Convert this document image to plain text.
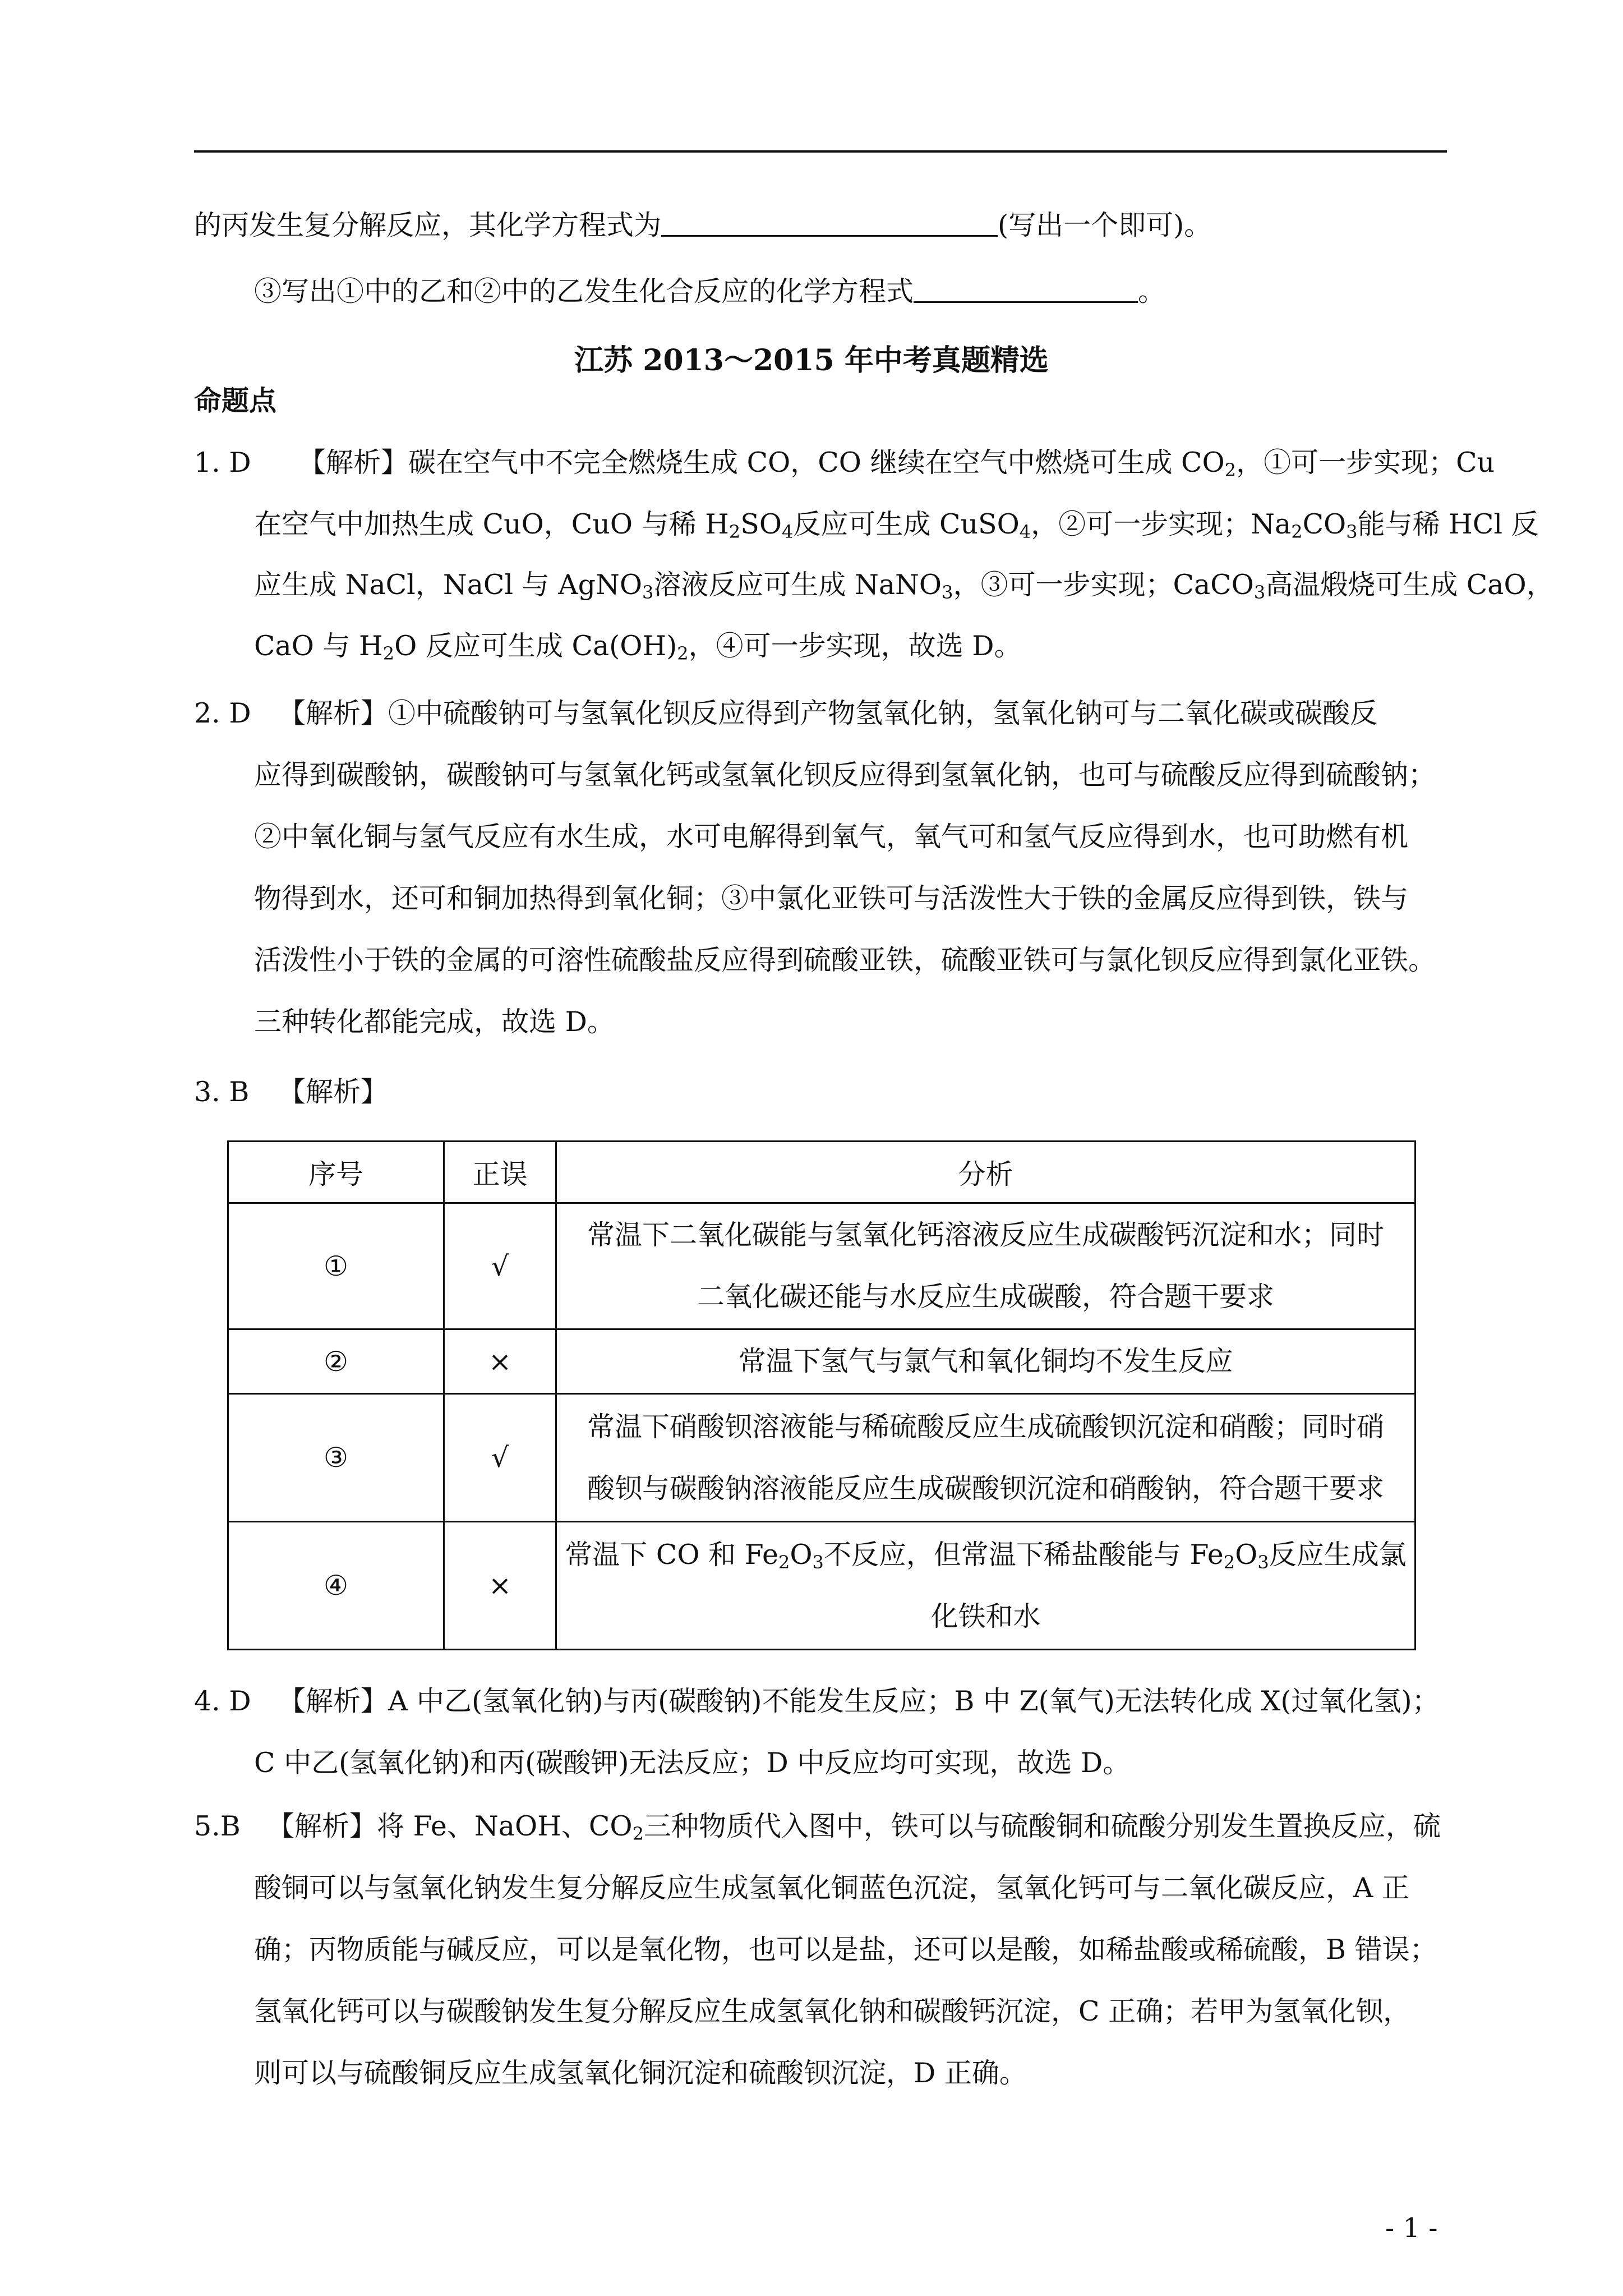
的丙发生复分解反应，其化学方程式为	(写出一个即可)。
③写出①中的乙和②中的乙发生化合反应的化学方程式	。
江苏 2013～2015 年中考真题精选
命题点
1. D 【解析】碳在空气中不完全燃烧生成 CO，CO 继续在空气中燃烧可生成 $CO_2$，①可一步实现；Cu
在空气中加热生成 CuO，CuO 与稀 $H_2SO_4$反应可生成 CuSO$_4$，②可一步实现；$Na_2CO_3$能与稀 HCl 反
应生成 NaCl，NaCl 与 AgNO$_3$溶液反应可生成 NaNO$_3$，③可一步实现；CaCO$_3$高温煅烧可生成 CaO，
CaO 与 $H_2O$ 反应可生成 $Ca(OH)_2$，④可一步实现，故选 D。
2. D 【解析】①中硫酸钠可与氢氧化钡反应得到产物氢氧化钠，氢氧化钠可与二氧化碳或碳酸反
应得到碳酸钠，碳酸钠可与氢氧化钙或氢氧化钡反应得到氢氧化钠，也可与硫酸反应得到硫酸钠；
②中氧化铜与氢气反应有水生成，水可电解得到氧气，氧气可和氢气反应得到水，也可助燃有机
物得到水，还可和铜加热得到氧化铜；③中氯化亚铁可与活泼性大于铁的金属反应得到铁，铁与
活泼性小于铁的金属的可溶性硫酸盐反应得到硫酸亚铁，硫酸亚铁可与氯化钡反应得到氯化亚铁。
三种转化都能完成，故选 D。
3. B 【解析】
序号	正误	分析
①	√	常温下二氧化碳能与氢氧化钙溶液反应生成碳酸钙沉淀和水；同时
二氧化碳还能与水反应生成碳酸，符合题干要求
②	×	常温下氢气与氯气和氧化铜均不发生反应
③	√	常温下硝酸钡溶液能与稀硫酸反应生成硫酸钡沉淀和硝酸；同时硝
酸钡与碳酸钠溶液能反应生成碳酸钡沉淀和硝酸钠，符合题干要求
④	×	常温下 CO 和 $Fe_2O_3$不反应，但常温下稀盐酸能与 $Fe_2O_3$反应生成氯
化铁和水
4. D 【解析】A 中乙(氢氧化钠)与丙(碳酸钠)不能发生反应；B 中 Z(氧气)无法转化成 X(过氧化氢)；
C 中乙(氢氧化钠)和丙(碳酸钾)无法反应；D 中反应均可实现，故选 D。
5.B 【解析】将 Fe、NaOH、$CO_2$三种物质代入图中，铁可以与硫酸铜和硫酸分别发生置换反应，硫
酸铜可以与氢氧化钠发生复分解反应生成氢氧化铜蓝色沉淀，氢氧化钙可与二氧化碳反应，A 正
确；丙物质能与碱反应，可以是氧化物，也可以是盐，还可以是酸，如稀盐酸或稀硫酸，B 错误；
氢氧化钙可以与碳酸钠发生复分解反应生成氢氧化钠和碳酸钙沉淀，C 正确；若甲为氢氧化钡，
则可以与硫酸铜反应生成氢氧化铜沉淀和硫酸钡沉淀，D 正确。
- 1 -
